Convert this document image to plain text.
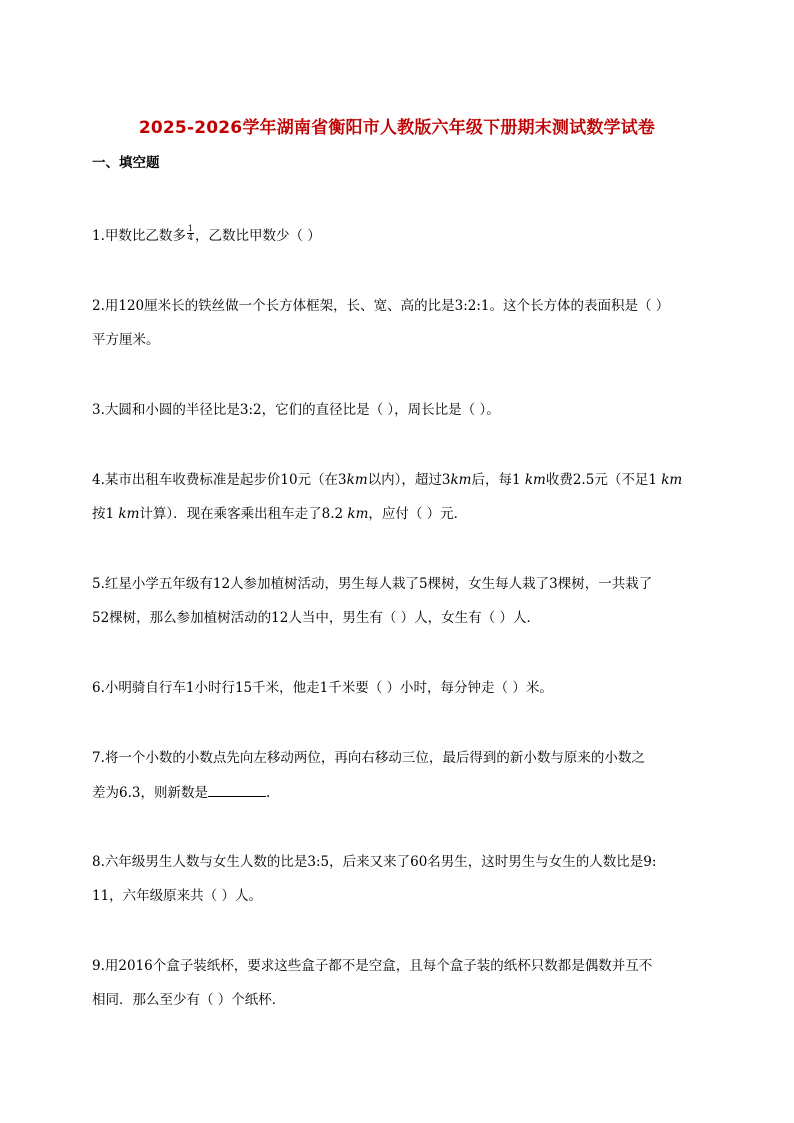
2025-2026学年湖南省衡阳市人教版六年级下册期末测试数学试卷
一、填空题
1.甲数比乙数多 $\frac{1}{4}$ ，乙数比甲数少（ ）
2.用120厘米长的铁丝做一个长方体框架，长、宽、高的比是3:2:1。这个长方体的表面积是（ ）
平方厘米。
3.大圆和小圆的半径比是3:2，它们的直径比是（ ），周长比是（ ）。
4.某市出租车收费标准是起步价10元（在3km以内），超过3km后，每1 km收费2.5元（不足1 km
按1 km计算）．现在乘客乘出租车走了8.2 km，应付（ ）元．
5.红星小学五年级有12人参加植树活动，男生每人栽了5棵树，女生每人栽了3棵树，一共栽了
52棵树，那么参加植树活动的12人当中，男生有（ ）人，女生有（ ）人．
6.小明骑自行车1小时行15千米，他走1千米要（ ）小时，每分钟走（ ）米。
7.将一个小数的小数点先向左移动两位，再向右移动三位，最后得到的新小数与原来的小数之
差为6.3，则新数是	.
8.六年级男生人数与女生人数的比是3:5，后来又来了60名男生，这时男生与女生的人数比是9:
11，六年级原来共（ ）人。
9.用2016个盒子装纸杯，要求这些盒子都不是空盒，且每个盒子装的纸杯只数都是偶数并互不
相同．那么至少有（ ）个纸杯．
